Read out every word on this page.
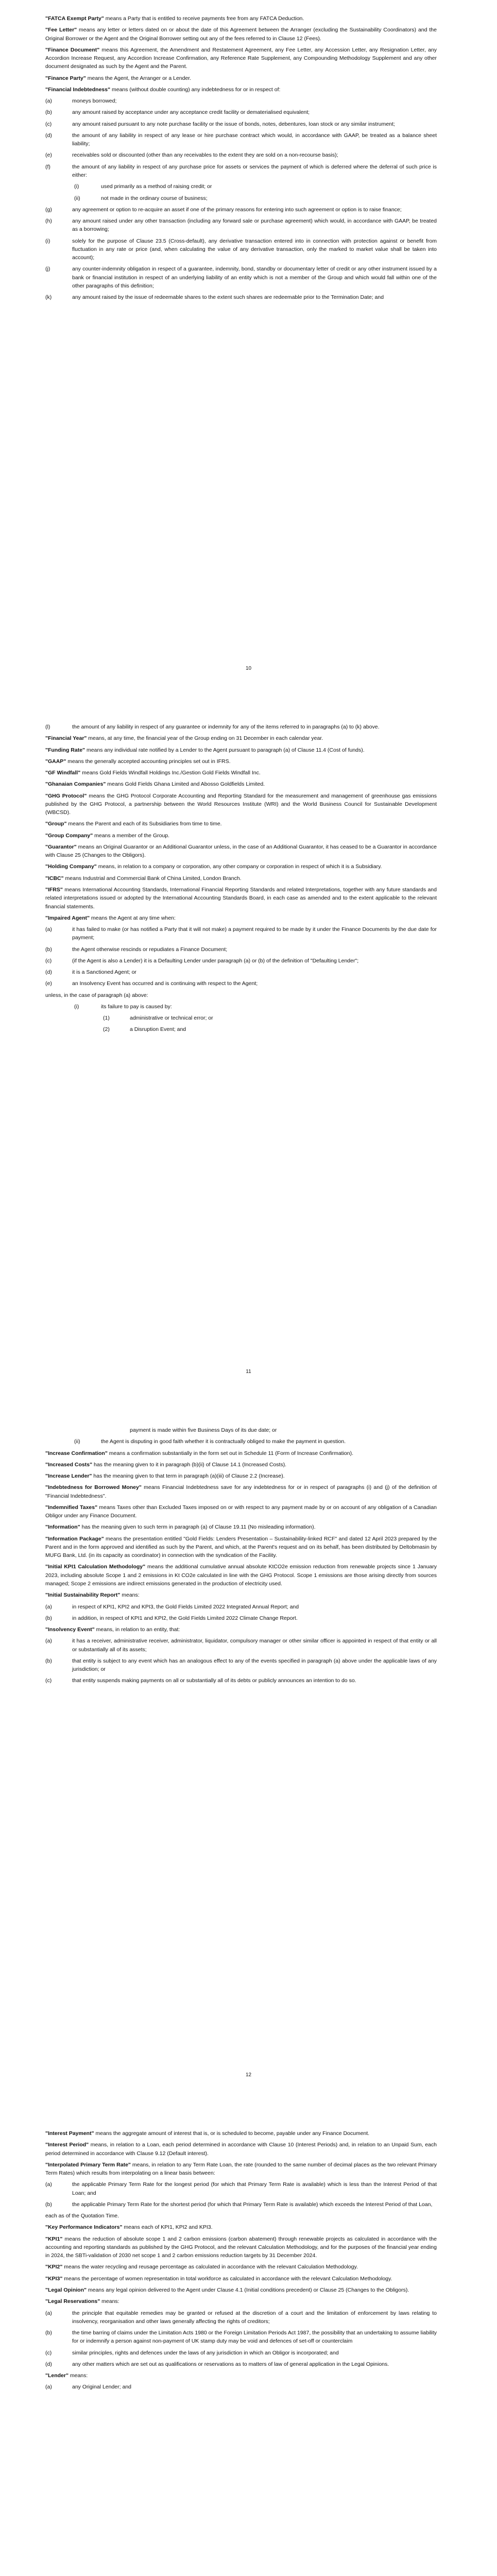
"FATCA Exempt Party" means a Party that is entitled to receive payments free from any FATCA Deduction.

"Fee Letter" means any letter or letters dated on or about the date of this Agreement between the Arranger (excluding the Sustainability Coordinators) and the Original Borrower or the Agent and the Original Borrower setting out any of the fees referred to in Clause 12 (Fees).

"Finance Document" means this Agreement, the Amendment and Restatement Agreement, any Fee Letter, any Accession Letter, any Resignation Letter, any Accordion Increase Request, any Accordion Increase Confirmation, any Reference Rate Supplement, any Compounding Methodology Supplement and any other document designated as such by the Agent and the Parent.

"Finance Party" means the Agent, the Arranger or a Lender.

"Financial Indebtedness" means (without double counting) any indebtedness for or in respect of:

(a)	moneys borrowed;
(b)	any amount raised by acceptance under any acceptance credit facility or dematerialised equivalent;
(c)	any amount raised pursuant to any note purchase facility or the issue of bonds, notes, debentures, loan stock or any similar instrument;
(d)	the amount of any liability in respect of any lease or hire purchase contract which would, in accordance with GAAP, be treated as a balance sheet liability;
(e)	receivables sold or discounted (other than any receivables to the extent they are sold on a non-recourse basis);
(f)	the amount of any liability in respect of any purchase price for assets or services the payment of which is deferred where the deferral of such price is either:
(i)	used primarily as a method of raising credit; or
(ii)	not made in the ordinary course of business;
(g)	any agreement or option to re-acquire an asset if one of the primary reasons for entering into such agreement or option is to raise finance;
(h)	any amount raised under any other transaction (including any forward sale or purchase agreement) which would, in accordance with GAAP, be treated as a borrowing;
(i)	solely for the purpose of Clause 23.5 (Cross-default), any derivative transaction entered into in connection with protection against or benefit from fluctuation in any rate or price (and, when calculating the value of any derivative transaction, only the marked to market value shall be taken into account);
(j)	any counter-indemnity obligation in respect of a guarantee, indemnity, bond, standby or documentary letter of credit or any other instrument issued by a bank or financial institution in respect of an underlying liability of an entity which is not a member of the Group and which would fall within one of the other paragraphs of this definition;
(k)	any amount raised by the issue of redeemable shares to the extent such shares are redeemable prior to the Termination Date; and
10
(l)	the amount of any liability in respect of any guarantee or indemnity for any of the items referred to in paragraphs (a) to (k) above.

"Financial Year" means, at any time, the financial year of the Group ending on 31 December in each calendar year.

"Funding Rate" means any individual rate notified by a Lender to the Agent pursuant to paragraph (a) of Clause 11.4 (Cost of funds).

"GAAP" means the generally accepted accounting principles set out in IFRS.

"GF Windfall" means Gold Fields Windfall Holdings Inc./Gestion Gold Fields Windfall Inc.

"Ghanaian Companies" means Gold Fields Ghana Limited and Abosso Goldfields Limited.

"GHG Protocol" means the GHG Protocol Corporate Accounting and Reporting Standard for the measurement and management of greenhouse gas emissions published by the GHG Protocol, a partnership between the World Resources Institute (WRI) and the World Business Council for Sustainable Development (WBCSD).

"Group" means the Parent and each of its Subsidiaries from time to time.

"Group Company" means a member of the Group.

"Guarantor" means an Original Guarantor or an Additional Guarantor unless, in the case of an Additional Guarantor, it has ceased to be a Guarantor in accordance with Clause 25 (Changes to the Obligors).

"Holding Company" means, in relation to a company or corporation, any other company or corporation in respect of which it is a Subsidiary.

"ICBC" means Industrial and Commercial Bank of China Limited, London Branch.

"IFRS" means International Accounting Standards, International Financial Reporting Standards and related Interpretations, together with any future standards and related interpretations issued or adopted by the International Accounting Standards Board, in each case as amended and to the extent applicable to the relevant financial statements.

"Impaired Agent" means the Agent at any time when:

(a)	it has failed to make (or has notified a Party that it will not make) a payment required to be made by it under the Finance Documents by the due date for payment;
(b)	the Agent otherwise rescinds or repudiates a Finance Document;
(c)	(if the Agent is also a Lender) it is a Defaulting Lender under paragraph (a) or (b) of the definition of "Defaulting Lender";
(d)	it is a Sanctioned Agent; or
(e)	an Insolvency Event has occurred and is continuing with respect to the Agent;

unless, in the case of paragraph (a) above:

(i)	its failure to pay is caused by:
(1)	administrative or technical error; or
(2)	a Disruption Event; and
11
payment is made within five Business Days of its due date; or
(ii)	the Agent is disputing in good faith whether it is contractually obliged to make the payment in question.

"Increase Confirmation" means a confirmation substantially in the form set out in Schedule 11 (Form of Increase Confirmation).

"Increased Costs" has the meaning given to it in paragraph (b)(ii) of Clause 14.1 (Increased Costs).

"Increase Lender" has the meaning given to that term in paragraph (a)(iii) of Clause 2.2 (Increase).

"Indebtedness for Borrowed Money" means Financial Indebtedness save for any indebtedness for or in respect of paragraphs (i) and (j) of the definition of "Financial Indebtedness".

"Indemnified Taxes" means Taxes other than Excluded Taxes imposed on or with respect to any payment made by or on account of any obligation of a Canadian Obligor under any Finance Document.

"Information" has the meaning given to such term in paragraph (a) of Clause 19.11 (No misleading information).

"Information Package" means the presentation entitled "Gold Fields: Lenders Presentation – Sustainability-linked RCF" and dated 12 April 2023 prepared by the Parent and in the form approved and identified as such by the Parent, and which, at the Parent's request and on its behalf, has been distributed by Deltobmasin by MUFG Bank, Ltd. (in its capacity as coordinator) in connection with the syndication of the Facility.

"Initial KPI1 Calculation Methodology" means the additional cumulative annual absolute KtCO2e emission reduction from renewable projects since 1 January 2023, including absolute Scope 1 and 2 emissions in Kt CO2e calculated in line with the GHG Protocol. Scope 1 emissions are those arising directly from sources managed; Scope 2 emissions are indirect emissions generated in the production of electricity used.

"Initial Sustainability Report" means:

(a)	in respect of KPI1, KPI2 and KPI3, the Gold Fields Limited 2022 Integrated Annual Report; and
(b)	in addition, in respect of KPI1 and KPI2, the Gold Fields Limited 2022 Climate Change Report.

"Insolvency Event" means, in relation to an entity, that:

(a)	it has a receiver, administrative receiver, administrator, liquidator, compulsory manager or other similar officer is appointed in respect of that entity or all or substantially all of its assets;
(b)	that entity is subject to any event which has an analogous effect to any of the events specified in paragraph (a) above under the applicable laws of any jurisdiction; or
(c)	that entity suspends making payments on all or substantially all of its debts or publicly announces an intention to do so.
12

"Interest Payment" means the aggregate amount of interest that is, or is scheduled to become, payable under any Finance Document.

"Interest Period" means, in relation to a Loan, each period determined in accordance with Clause 10 (Interest Periods) and, in relation to an Unpaid Sum, each period determined in accordance with Clause 9.12 (Default interest).

"Interpolated Primary Term Rate" means, in relation to any Term Rate Loan, the rate (rounded to the same number of decimal places as the two relevant Primary Term Rates) which results from interpolating on a linear basis between:

(a)	the applicable Primary Term Rate for the longest period (for which that Primary Term Rate is available) which is less than the Interest Period of that Loan; and
(b)	the applicable Primary Term Rate for the shortest period (for which that Primary Term Rate is available) which exceeds the Interest Period of that Loan,

each as of the Quotation Time.

"Key Performance Indicators" means each of KPI1, KPI2 and KPI3.

"KPI1" means the reduction of absolute scope 1 and 2 carbon emissions (carbon abatement) through renewable projects as calculated in accordance with the accounting and reporting standards as published by the GHG Protocol, and the relevant Calculation Methodology, and for the purposes of the financial year ending in 2024, the SBTi-validation of 2030 net scope 1 and 2 carbon emissions reduction targets by 31 December 2024.

"KPI2" means the water recycling and reusage percentage as calculated in accordance with the relevant Calculation Methodology.

"KPI3" means the percentage of women representation in total workforce as calculated in accordance with the relevant Calculation Methodology.

"Legal Opinion" means any legal opinion delivered to the Agent under Clause 4.1 (Initial conditions precedent) or Clause 25 (Changes to the Obligors).

"Legal Reservations" means:

(a)	the principle that equitable remedies may be granted or refused at the discretion of a court and the limitation of enforcement by laws relating to insolvency, reorganisation and other laws generally affecting the rights of creditors;
(b)	the time barring of claims under the Limitation Acts 1980 or the Foreign Limitation Periods Act 1987, the possibility that an undertaking to assume liability for or indemnify a person against non-payment of UK stamp duty may be void and defences of set-off or counterclaim
(c)	similar principles, rights and defences under the laws of any jurisdiction in which an Obligor is incorporated; and
(d)	any other matters which are set out as qualifications or reservations as to matters of law of general application in the Legal Opinions.

"Lender" means:

(a)	any Original Lender; and
